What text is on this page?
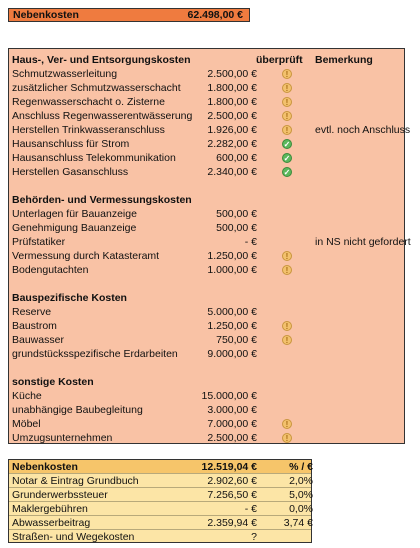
Nebenkosten	62.498,00 €
Haus-, Ver- und Entsorgungskosten	überprüft Bemerkung
Schmutzwasserleitung	2.500,00 €
!
zusätzlicher Schmutzwasserschacht	1.800,00 €
!
Regenwasserschacht o. Zisterne	1.800,00 €
!
Anschluss Regenwasserentwässerung	2.500,00 €
!
Herstellen Trinkwasseranschluss	1.926,00 €
!	evtl. noch Anschluss
Hausanschluss für Strom	2.282,00 €
✓
Hausanschluss Telekommunikation	600,00 €
✓
Herstellen Gasanschluss	2.340,00 €
✓
Behörden- und Vermessungskosten
Unterlagen für Bauanzeige	500,00 €
Genehmigung Bauanzeige	500,00 €
Prüfstatiker	- €	in NS nicht gefordert
Vermessung durch Katasteramt	1.250,00 €
!
Bodengutachten	1.000,00 €
!
Bauspezifische Kosten
Reserve	5.000,00 €
Baustrom	1.250,00 €
!
Bauwasser	750,00 €
!
grundstücksspezifische Erdarbeiten	9.000,00 €
sonstige Kosten
Küche	15.000,00 €
unabhängige Baubegleitung	3.000,00 €
Möbel	7.000,00 €
!
Umzugsunternehmen	2.500,00 €
!
Nebenkosten	12.519,04 €	% / €
Notar & Eintrag Grundbuch	2.902,60 €	2,0%
Grunderwerbssteuer	7.256,50 €	5,0%
Maklergebühren	- €	0,0%
Abwasserbeitrag	2.359,94 €	3,74 €
Straßen- und Wegekosten	?
